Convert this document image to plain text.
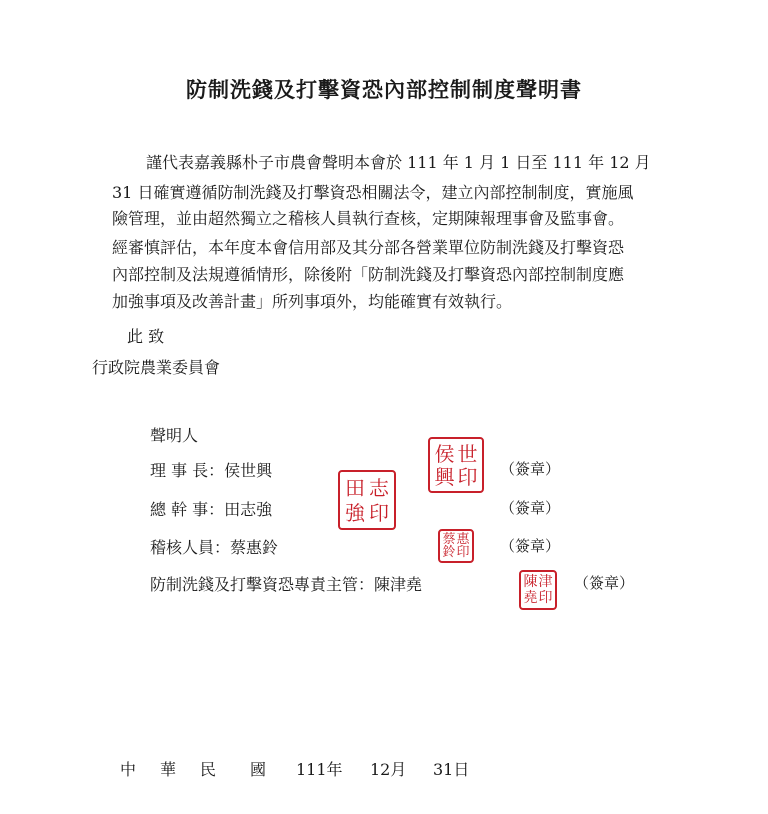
防制洗錢及打擊資恐內部控制制度聲明書
謹代表嘉義縣朴子市農會聲明本會於 111 年 1 月 1 日至 111 年 12 月
31 日確實遵循防制洗錢及打擊資恐相關法令，建立內部控制制度，實施風
險管理，並由超然獨立之稽核人員執行查核，定期陳報理事會及監事會。
經審慎評估，本年度本會信用部及其分部各營業單位防制洗錢及打擊資恐
內部控制及法規遵循情形，除後附「防制洗錢及打擊資恐內部控制制度應
加強事項及改善計畫」所列事項外，均能確實有效執行。
此 致
行政院農業委員會
聲明人
理 事 長：侯世興	（簽章）
總 幹 事：田志強	（簽章）
稽核人員：蔡惠鈴	（簽章）
防制洗錢及打擊資恐專責主管：陳津堯	（簽章）
侯 世
興 印
田 志
強 印
蔡 惠
鈴 印
陳 津
堯 印
中 華 民 國 111年 12月 31日
